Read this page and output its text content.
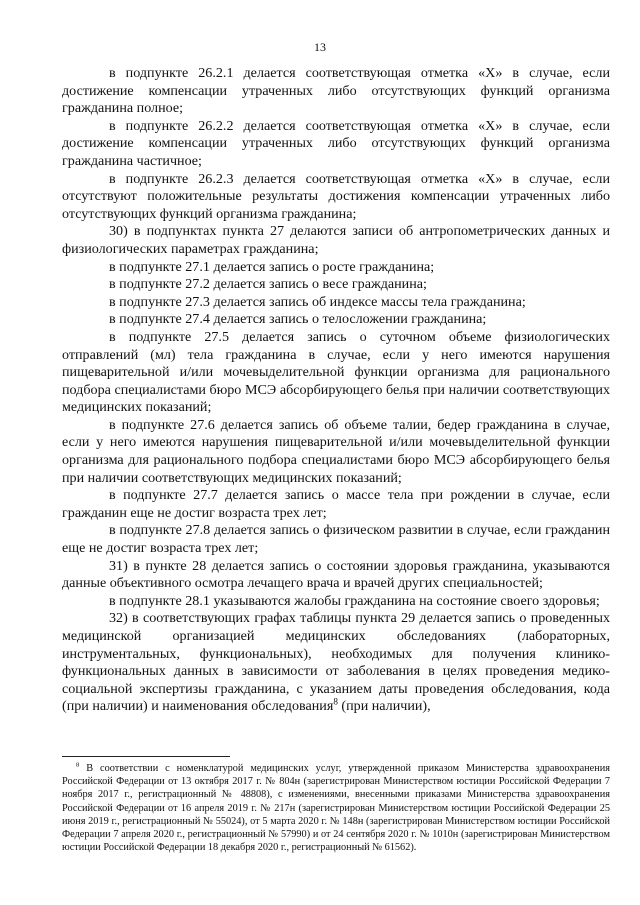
13

в подпункте 26.2.1 делается соответствующая отметка «X» в случае, если достижение компенсации утраченных либо отсутствующих функций организма гражданина полное;

в подпункте 26.2.2 делается соответствующая отметка «X» в случае, если достижение компенсации утраченных либо отсутствующих функций организма гражданина частичное;

в подпункте 26.2.3 делается соответствующая отметка «X» в случае, если отсутствуют положительные результаты достижения компенсации утраченных либо отсутствующих функций организма гражданина;

30) в подпунктах пункта 27 делаются записи об антропометрических данных и физиологических параметрах гражданина;

в подпункте 27.1 делается запись о росте гражданина;

в подпункте 27.2 делается запись о весе гражданина;

в подпункте 27.3 делается запись об индексе массы тела гражданина;

в подпункте 27.4 делается запись о телосложении гражданина;

в подпункте 27.5 делается запись о суточном объеме физиологических отправлений (мл) тела гражданина в случае, если у него имеются нарушения пищеварительной и/или мочевыделительной функции организма для рационального подбора специалистами бюро МСЭ абсорбирующего белья при наличии соответствующих медицинских показаний;

в подпункте 27.6 делается запись об объеме талии, бедер гражданина в случае, если у него имеются нарушения пищеварительной и/или мочевыделительной функции организма для рационального подбора специалистами бюро МСЭ абсорбирующего белья при наличии соответствующих медицинских показаний;

в подпункте 27.7 делается запись о массе тела при рождении в случае, если гражданин еще не достиг возраста трех лет;

в подпункте 27.8 делается запись о физическом развитии в случае, если гражданин еще не достиг возраста трех лет;

31) в пункте 28 делается запись о состоянии здоровья гражданина, указываются данные объективного осмотра лечащего врача и врачей других специальностей;

в подпункте 28.1 указываются жалобы гражданина на состояние своего здоровья;

32) в соответствующих графах таблицы пункта 29 делается запись о проведенных медицинской организацией медицинских обследованиях (лабораторных, инструментальных, функциональных), необходимых для получения клинико-функциональных данных в зависимости от заболевания в целях проведения медико-социальной экспертизы гражданина, с указанием даты проведения обследования, кода (при наличии) и наименования обследования$^8$ (при наличии),

$^8$ В соответствии с номенклатурой медицинских услуг, утвержденной приказом Министерства здравоохранения Российской Федерации от 13 октября 2017 г. № 804н (зарегистрирован Министерством юстиции Российской Федерации 7 ноября 2017 г., регистрационный № 48808), с изменениями, внесенными приказами Министерства здравоохранения Российской Федерации от 16 апреля 2019 г. № 217н (зарегистрирован Министерством юстиции Российской Федерации 25 июня 2019 г., регистрационный № 55024), от 5 марта 2020 г. № 148н (зарегистрирован Министерством юстиции Российской Федерации 7 апреля 2020 г., регистрационный № 57990) и от 24 сентября 2020 г. № 1010н (зарегистрирован Министерством юстиции Российской Федерации 18 декабря 2020 г., регистрационный № 61562).
